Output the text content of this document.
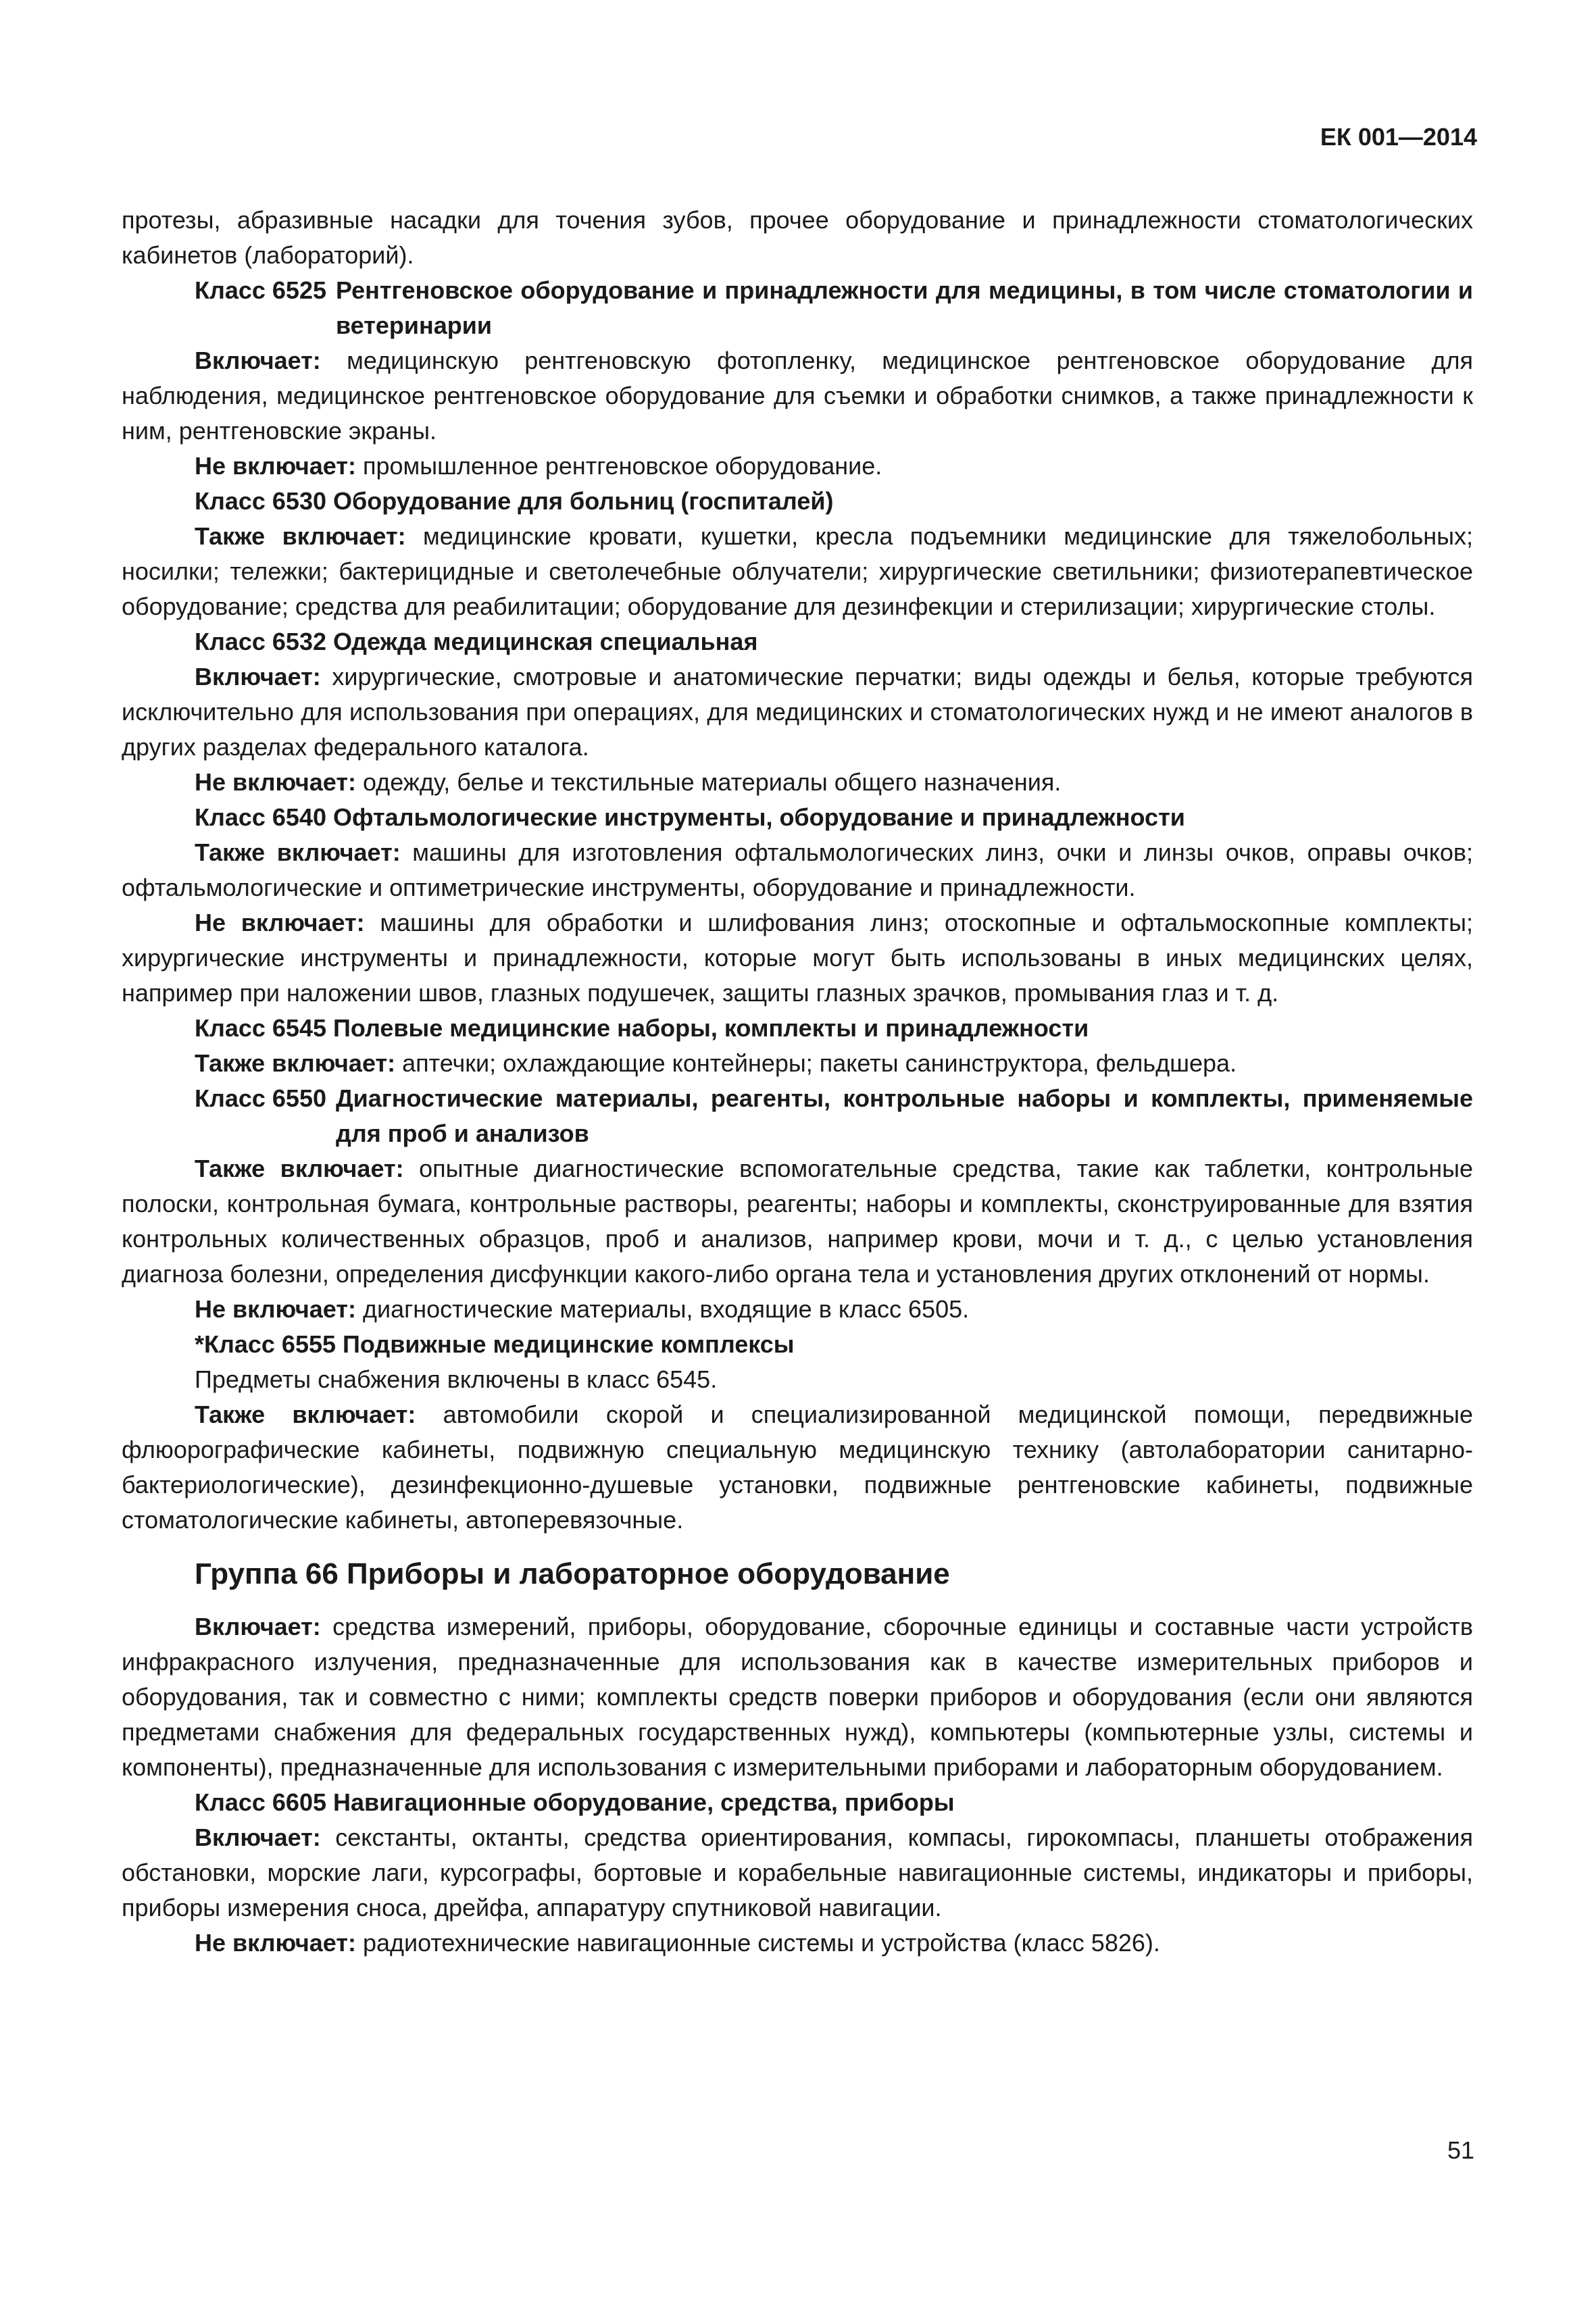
ЕК 001—2014

протезы, абразивные насадки для точения зубов, прочее оборудование и принадлежности стоматологических кабинетов (лабораторий).

Класс 6525 Рентгеновское оборудование и принадлежности для медицины, в том числе стоматологии и ветеринарии

Включает: медицинскую рентгеновскую фотопленку, медицинское рентгеновское оборудование для наблюдения, медицинское рентгеновское оборудование для съемки и обработки снимков, а также принадлежности к ним, рентгеновские экраны.

Не включает: промышленное рентгеновское оборудование.

Класс 6530 Оборудование для больниц (госпиталей)

Также включает: медицинские кровати, кушетки, кресла подъемники медицинские для тяжелобольных; носилки; тележки; бактерицидные и светолечебные облучатели; хирургические светильники; физиотерапевтическое оборудование; средства для реабилитации; оборудование для дезинфекции и стерилизации; хирургические столы.

Класс 6532 Одежда медицинская специальная

Включает: хирургические, смотровые и анатомические перчатки; виды одежды и белья, которые требуются исключительно для использования при операциях, для медицинских и стоматологических нужд и не имеют аналогов в других разделах федерального каталога.

Не включает: одежду, белье и текстильные материалы общего назначения.

Класс 6540 Офтальмологические инструменты, оборудование и принадлежности

Также включает: машины для изготовления офтальмологических линз, очки и линзы очков, оправы очков; офтальмологические и оптиметрические инструменты, оборудование и принадлежности.

Не включает: машины для обработки и шлифования линз; отоскопные и офтальмоскопные комплекты; хирургические инструменты и принадлежности, которые могут быть использованы в иных медицинских целях, например при наложении швов, глазных подушечек, защиты глазных зрачков, промывания глаз и т. д.

Класс 6545 Полевые медицинские наборы, комплекты и принадлежности

Также включает: аптечки; охлаждающие контейнеры; пакеты санинструктора, фельдшера.

Класс 6550 Диагностические материалы, реагенты, контрольные наборы и комплекты, применяемые для проб и анализов

Также включает: опытные диагностические вспомогательные средства, такие как таблетки, контрольные полоски, контрольная бумага, контрольные растворы, реагенты; наборы и комплекты, сконструированные для взятия контрольных количественных образцов, проб и анализов, например крови, мочи и т. д., с целью установления диагноза болезни, определения дисфункции какого-либо органа тела и установления других отклонений от нормы.

Не включает: диагностические материалы, входящие в класс 6505.

*Класс 6555 Подвижные медицинские комплексы

Предметы снабжения включены в класс 6545.

Также включает: автомобили скорой и специализированной медицинской помощи, передвижные флюорографические кабинеты, подвижную специальную медицинскую технику (автолаборатории санитарно-бактериологические), дезинфекционно-душевые установки, подвижные рентгеновские кабинеты, подвижные стоматологические кабинеты, автоперевязочные.

Группа 66 Приборы и лабораторное оборудование

Включает: средства измерений, приборы, оборудование, сборочные единицы и составные части устройств инфракрасного излучения, предназначенные для использования как в качестве измерительных приборов и оборудования, так и совместно с ними; комплекты средств поверки приборов и оборудования (если они являются предметами снабжения для федеральных государственных нужд), компьютеры (компьютерные узлы, системы и компоненты), предназначенные для использования с измерительными приборами и лабораторным оборудованием.

Класс 6605 Навигационные оборудование, средства, приборы

Включает: секстанты, октанты, средства ориентирования, компасы, гирокомпасы, планшеты отображения обстановки, морские лаги, курсографы, бортовые и корабельные навигационные системы, индикаторы и приборы, приборы измерения сноса, дрейфа, аппаратуру спутниковой навигации.

Не включает: радиотехнические навигационные системы и устройства (класс 5826).

51
